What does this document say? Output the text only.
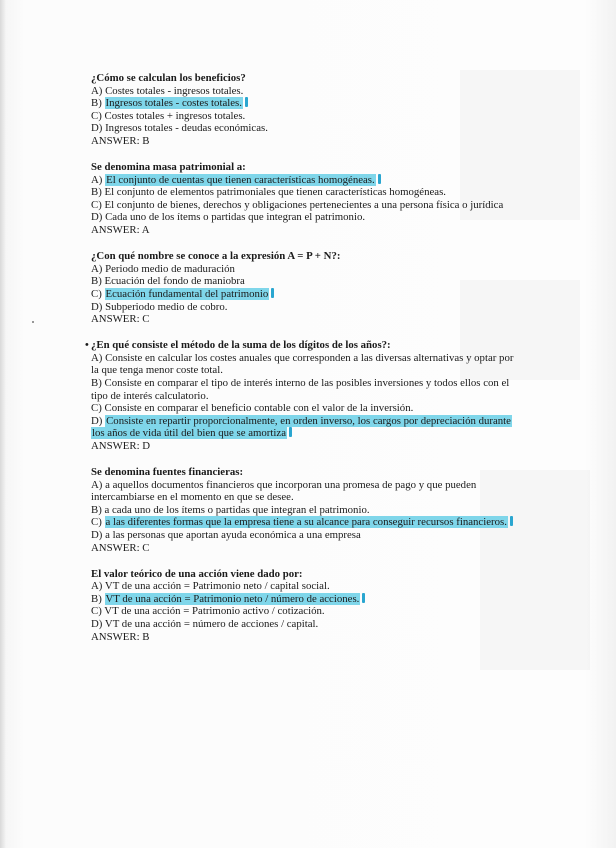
¿Cómo se calculan los beneficios?

A) Costes totales - ingresos totales.

B) Ingresos totales - costes totales.

C) Costes totales + ingresos totales.

D) Ingresos totales - deudas económicas.

ANSWER: B

Se denomina masa patrimonial a:

A) El conjunto de cuentas que tienen características homogéneas.

B) El conjunto de elementos patrimoniales que tienen características homogéneas.

C) El conjunto de bienes, derechos y obligaciones pertenecientes a una persona física o jurídica

D) Cada uno de los ítems o partidas que integran el patrimonio.

ANSWER: A

¿Con qué nombre se conoce a la expresión A = P + N?:

A) Periodo medio de maduración

B) Ecuación del fondo de maniobra

C) Ecuación fundamental del patrimonio

D) Subperiodo medio de cobro.

ANSWER: C

• ¿En qué consiste el método de la suma de los dígitos de los años?:

A) Consiste en calcular los costes anuales que corresponden a las diversas alternativas y optar por la que tenga menor coste total.

B) Consiste en comparar el tipo de interés interno de las posibles inversiones y todos ellos con el tipo de interés calculatorio.

C) Consiste en comparar el beneficio contable con el valor de la inversión.

D) Consiste en repartir proporcionalmente, en orden inverso, los cargos por depreciación durante los años de vida útil del bien que se amortiza

ANSWER: D

Se denomina fuentes financieras:

A) a aquellos documentos financieros que incorporan una promesa de pago y que pueden intercambiarse en el momento en que se desee.

B) a cada uno de los ítems o partidas que integran el patrimonio.

C) a las diferentes formas que la empresa tiene a su alcance para conseguir recursos financieros.

D) a las personas que aportan ayuda económica a una empresa

ANSWER: C

El valor teórico de una acción viene dado por:

A) VT de una acción = Patrimonio neto / capital social.

B) VT de una acción = Patrimonio neto / número de acciones.

C) VT de una acción = Patrimonio activo / cotización.

D) VT de una acción = número de acciones / capital.

ANSWER: B
